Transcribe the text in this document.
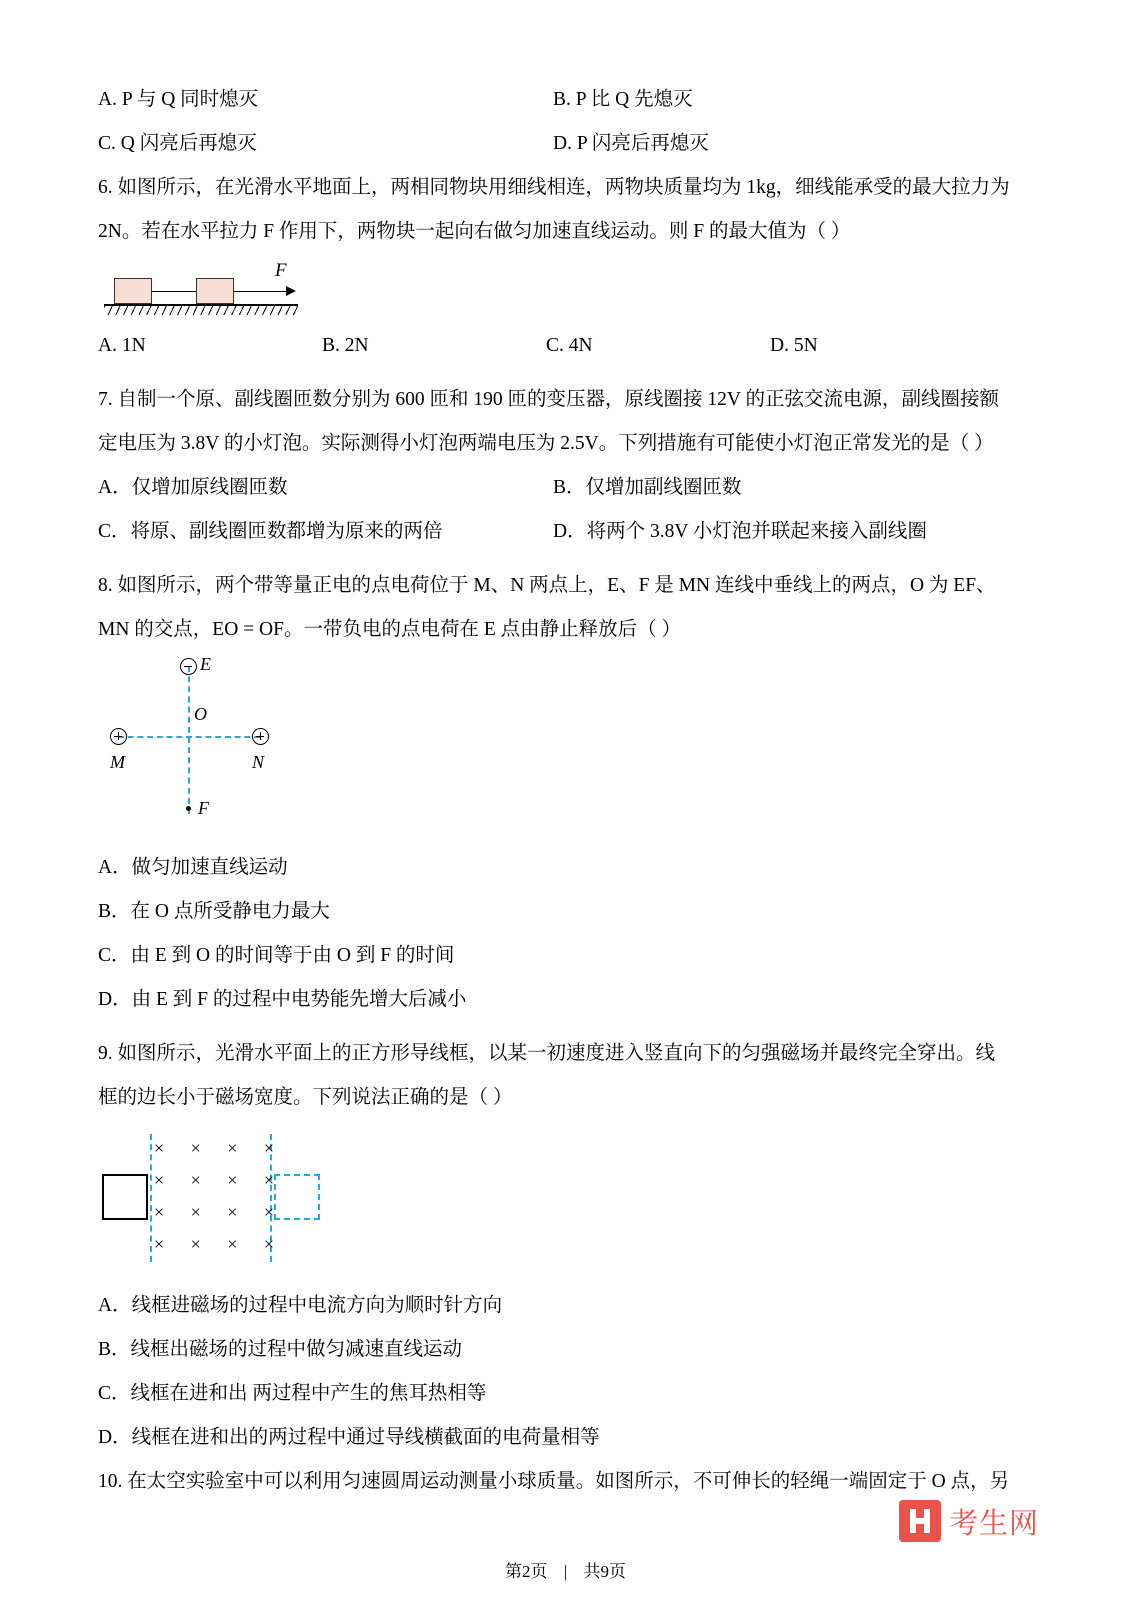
A. P 与 Q 同时熄灭	B. P 比 Q 先熄灭
C. Q 闪亮后再熄灭	D. P 闪亮后再熄灭
6. 如图所示，在光滑水平地面上，两相同物块用细线相连，两物块质量均为 1kg，细线能承受的最大拉力为
2N。若在水平拉力 F 作用下，两物块一起向右做匀加速直线运动。则 F 的最大值为（ ）
F
A. 1N	B. 2N	C. 4N	D. 5N
7. 自制一个原、副线圈匝数分别为 600 匝和 190 匝的变压器，原线圈接 12V 的正弦交流电源，副线圈接额
定电压为 3.8V 的小灯泡。实际测得小灯泡两端电压为 2.5V。下列措施有可能使小灯泡正常发光的是（ ）
A．仅增加原线圈匝数	B．仅增加副线圈匝数
C．将原、副线圈匝数都增为原来的两倍	D．将两个 3.8V 小灯泡并联起来接入副线圈
8. 如图所示，两个带等量正电的点电荷位于 M、N 两点上，E、F 是 MN 连线中垂线上的两点，O 为 EF、
MN 的交点，EO = OF。一带负电的点电荷在 E 点由静止释放后（ ）
E
M	N
O
F
A．做匀加速直线运动
B．在 O 点所受静电力最大
C．由 E 到 O 的时间等于由 O 到 F 的时间
D．由 E 到 F 的过程中电势能先增大后减小
9. 如图所示，光滑水平面上的正方形导线框，以某一初速度进入竖直向下的匀强磁场并最终完全穿出。线
框的边长小于磁场宽度。下列说法正确的是（ ）
× × × ×
× × × ×
× × × ×
× × × ×
A．线框进磁场的过程中电流方向为顺时针方向
B．线框出磁场的过程中做匀减速直线运动
C．线框在进和出 两过程中产生的焦耳热相等
D．线框在进和出的两过程中通过导线横截面的电荷量相等
10. 在太空实验室中可以利用匀速圆周运动测量小球质量。如图所示，不可伸长的轻绳一端固定于 O 点，另
考生网
第2页 | 共9页
